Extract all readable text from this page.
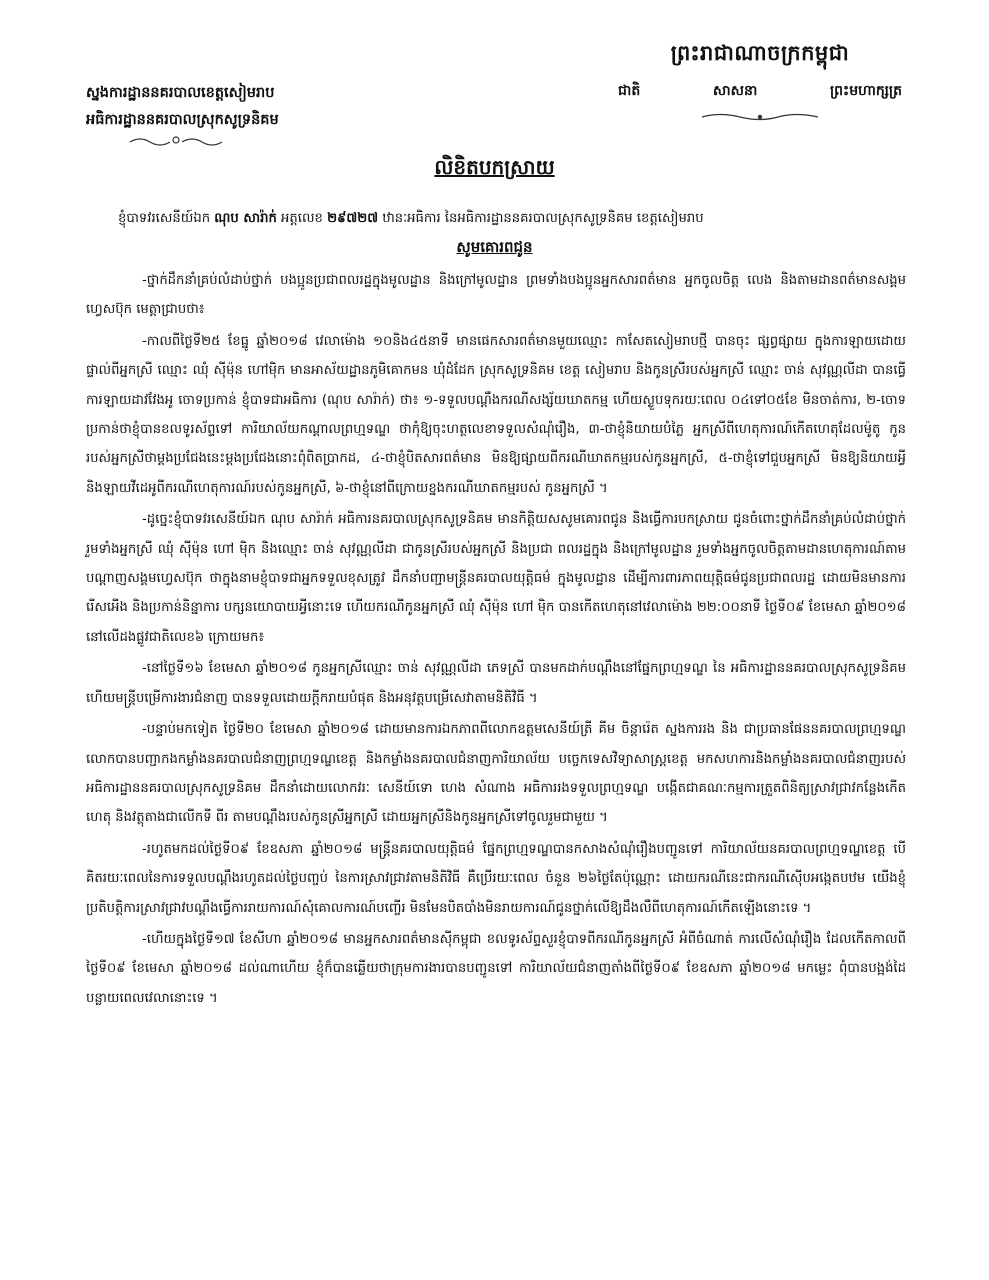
ព្រះរាជាណាចក្រកម្ពុជា
ជាតិ	សាសនា	ព្រះមហាក្សត្រ
ស្នងការដ្ឋាននគរបាលខេត្តសៀមរាប
អធិការដ្ឋាននគរបាលស្រុកសូទ្រនិគម
លិខិតបកស្រាយ
ខ្ញុំបាទវរសេនីយ៍ឯក ណុប សារ៉ាក់ អត្តលេខ ២៩៧២៧ ឋានៈអធិការ នៃអធិការដ្ឋាននគរបាលស្រុកសូទ្រនិគម ខេត្តសៀមរាប
សូមគោរពជូន

-ថ្នាក់ដឹកនាំគ្រប់លំដាប់ថ្នាក់ បងប្អូនប្រជាពលរដ្ឋក្នុងមូលដ្ឋាន និងក្រៅមូលដ្ឋាន ព្រមទាំងបងប្អូនអ្នកសារពត៌មាន អ្នកចូលចិត្ត លេង និងតាមដានពត៌មានសង្គមហ្វេសប៊ុក មេត្តាជ្រាបថា៖

-កាលពីថ្ងៃទី២៥ ខែធ្នូ ឆ្នាំ២០១៨ វេលាម៉ោង ១០និង៤៥នាទី មានផេកសារពត៌មានមួយឈ្មោះ កាសែតសៀមរាបថ្មី បានចុះ ផ្សព្វផ្សាយ ក្នុងការឡាយដោយផ្ទាល់ពីអ្នកស្រី ឈ្មោះ ឈុំ ស៊ីម៉ុន ហៅម៉ិក មានអាស័យដ្ឋានភូមិគោកមន ឃុំដំដែក ស្រុកសូទ្រនិគម ខេត្ត សៀមរាប និងកូនស្រីរបស់អ្នកស្រី ឈ្មោះ ចាន់ សុវណ្ណលីដា បានធ្វើការឡាយដាវវែងអូ ចោទប្រកាន់ ខ្ញុំបាទជាអធិការ (ណុប សារ៉ាក់) ថា៖ ១-ទទួលបណ្តឹងករណីសង្ស័យឃាតកម្ម ហើយស្ងួបទុករយៈពេល ០៤ទៅ០៥ខែ មិនចាត់ការ, ២-ចោទប្រកាន់ថាខ្ញុំបានខលទូរស័ព្ទទៅ ការិយាល័យកណ្តាលព្រហ្មទណ្ឌ ថាកុំឱ្យចុះហត្ថលេខាទទួលសំណុំរឿង, ៣-ថាខ្ញុំនិយាយបំភ្លៃ អ្នកស្រីពីហេតុការណ៍កើតហេតុដែលម៉ូតូ កូនរបស់អ្នកស្រីថាម្តងប្រជែងនេះម្តងប្រជែងនោះពុំពិតប្រាកដ, ៤-ថាខ្ញុំបិតសារពត៌មាន មិនឱ្យផ្សាយពីករណីឃាតកម្មរបស់កូនអ្នកស្រី, ៥-ថាខ្ញុំទៅជួបអ្នកស្រី មិនឱ្យនិយាយអ្វី និងឡាយវីដេអូពីករណីហេតុការណ៍របស់កូនអ្នកស្រី, ៦-ថាខ្ញុំនៅពីក្រោយខ្នងករណីឃាតកម្មរបស់ កូនអ្នកស្រី ។

-ដូច្នេះខ្ញុំបាទវរសេនីយ៍ឯក ណុប សារ៉ាក់ អធិការនគរបាលស្រុកសូទ្រនិគម មានកិត្តិយសសូមគោរពជូន និងធ្វើការបកស្រាយ ជូនចំពោះថ្នាក់ដឹកនាំគ្រប់លំដាប់ថ្នាក់ រួមទាំងអ្នកស្រី ឈុំ ស៊ីម៉ុន ហៅ ម៉ិក និងឈ្មោះ ចាន់ សុវណ្ណលីដា ជាកូនស្រីរបស់អ្នកស្រី និងប្រជា ពលរដ្ឋក្នុង និងក្រៅមូលដ្ឋាន រួមទាំងអ្នកចូលចិត្តតាមដានហេតុការណ៍តាមបណ្តាញសង្គមហ្វេសប៊ុក ថាក្នុងនាមខ្ញុំបាទជាអ្នកទទួលខុសត្រូវ ដឹកនាំបញ្ជាមន្ត្រីនគរបាលយុត្តិធម៌ ក្នុងមូលដ្ឋាន ដើម្បីការពារភាពយុត្តិធម៌ជូនប្រជាពលរដ្ឋ ដោយមិនមានការរើសអើង និងប្រកាន់និន្នាការ បក្សនយោបាយអ្វីនោះទេ ហើយករណីកូនអ្នកស្រី ឈុំ ស៊ីម៉ុន ហៅ ម៉ិក បានកើតហេតុនៅវេលាម៉ោង ២២:០០នាទី ថ្ងៃទី០៩ ខែមេសា ឆ្នាំ២០១៨ នៅលើដងផ្លូវជាតិលេខ៦ ក្រោយមក៖

-នៅថ្ងៃទី១៦ ខែមេសា ឆ្នាំ២០១៨ កូនអ្នកស្រីឈ្មោះ ចាន់ សុវណ្ណលីដា ភេទស្រី បានមកដាក់បណ្តឹងនៅផ្នែកព្រហ្មទណ្ឌ នៃ អធិការដ្ឋាននគរបាលស្រុកសូទ្រនិគម ហើយមន្ត្រីបម្រើការងារជំនាញ បានទទួលដោយក្តីករាយបំផុត និងអនុវត្តបម្រើសេវាតាមនិតិវិធី ។

-បន្ទាប់មកទៀត ថ្ងៃទី២០ ខែមេសា ឆ្នាំ២០១៨ ដោយមានការឯកភាពពីលោកឧត្តមសេនីយ៍ត្រី គីម ចិន្តារ៉េត ស្នងការរង និង ជាប្រធានផែននគរបាលព្រហ្មទណ្ឌ លោកបានបញ្ជាកងកម្លាំងនគរបាលជំនាញព្រហ្មទណ្ឌខេត្ត និងកម្លាំងនគរបាលជំនាញការិយាល័យ បច្ចេកទេសវិទ្យាសាស្ត្រខេត្ត មកសហការនិងកម្លាំងនគរបាលជំនាញរបស់អធិការដ្ឋាននគរបាលស្រុកសូទ្រនិគម ដឹកនាំដោយលោកវរៈ សេនីយ៍ទោ ហេង សំណាង អធិការរងទទួលព្រហ្មទណ្ឌ បង្កើតជាគណៈកម្មការត្រួតពិនិត្យស្រាវជ្រាវកន្លែងកើតហេតុ និងវត្ថុតាងជាលើកទី ពីរ តាមបណ្តឹងរបស់កូនស្រីអ្នកស្រី ដោយអ្នកស្រីនិងកូនអ្នកស្រីទៅចូលរួមជាមួយ ។

-រហូតមកដល់ថ្ងៃទី០៩ ខែឧសភា ឆ្នាំ២០១៨ មន្ត្រីនគរបាលយុត្តិធម៌ ផ្នែកព្រហ្មទណ្ឌបានកសាងសំណុំរឿងបញ្ជូនទៅ ការិយាល័យនគរបាលព្រហ្មទណ្ឌខេត្ត បើគិតរយៈពេលនៃការទទួលបណ្តឹងរហូតដល់ថ្ងៃបញ្ចប់ នៃការស្រាវជ្រាវតាមនិតិវិធី គឺប្រើរយៈពេល ចំនួន ២៦ថ្ងៃតែប៉ុណ្ណោះ ដោយករណីនេះជាករណីស៊ើបអង្កេតបឋម យើងខ្ញុំប្រតិបត្តិការស្រាវជ្រាវបណ្តឹងធ្វើការរាយការណ៍សុំគោលការណ៍បញ្ចើរ មិនមែនបិតបាំងមិនរាយការណ៍ជូនថ្នាក់លើឱ្យដឹងលឺពីហេតុការណ៍កើតឡើងនោះទេ ។

-ហើយក្នុងថ្ងៃទី១៧ ខែសីហា ឆ្នាំ២០១៨ មានអ្នកសារពត៌មានស៊ីកម្ពុជា ខលទូរស័ព្ទសួរខ្ញុំបាទពីករណីកូនអ្នកស្រី អំពីចំណាត់ ការលើសំណុំរឿង ដែលកើតកាលពីថ្ងៃទី០៩ ខែមេសា ឆ្នាំ២០១៨ ដល់ណាហើយ ខ្ញុំក៏បានឆ្លើយថាក្រុមការងារបានបញ្ជូនទៅ ការិយាល័យជំនាញតាំងពីថ្ងៃទី០៩ ខែឧសភា ឆ្នាំ២០១៨ មកម្លេះ ពុំបានបង្អង់ដៃ បន្លាយពេលវេលានោះទេ ។
